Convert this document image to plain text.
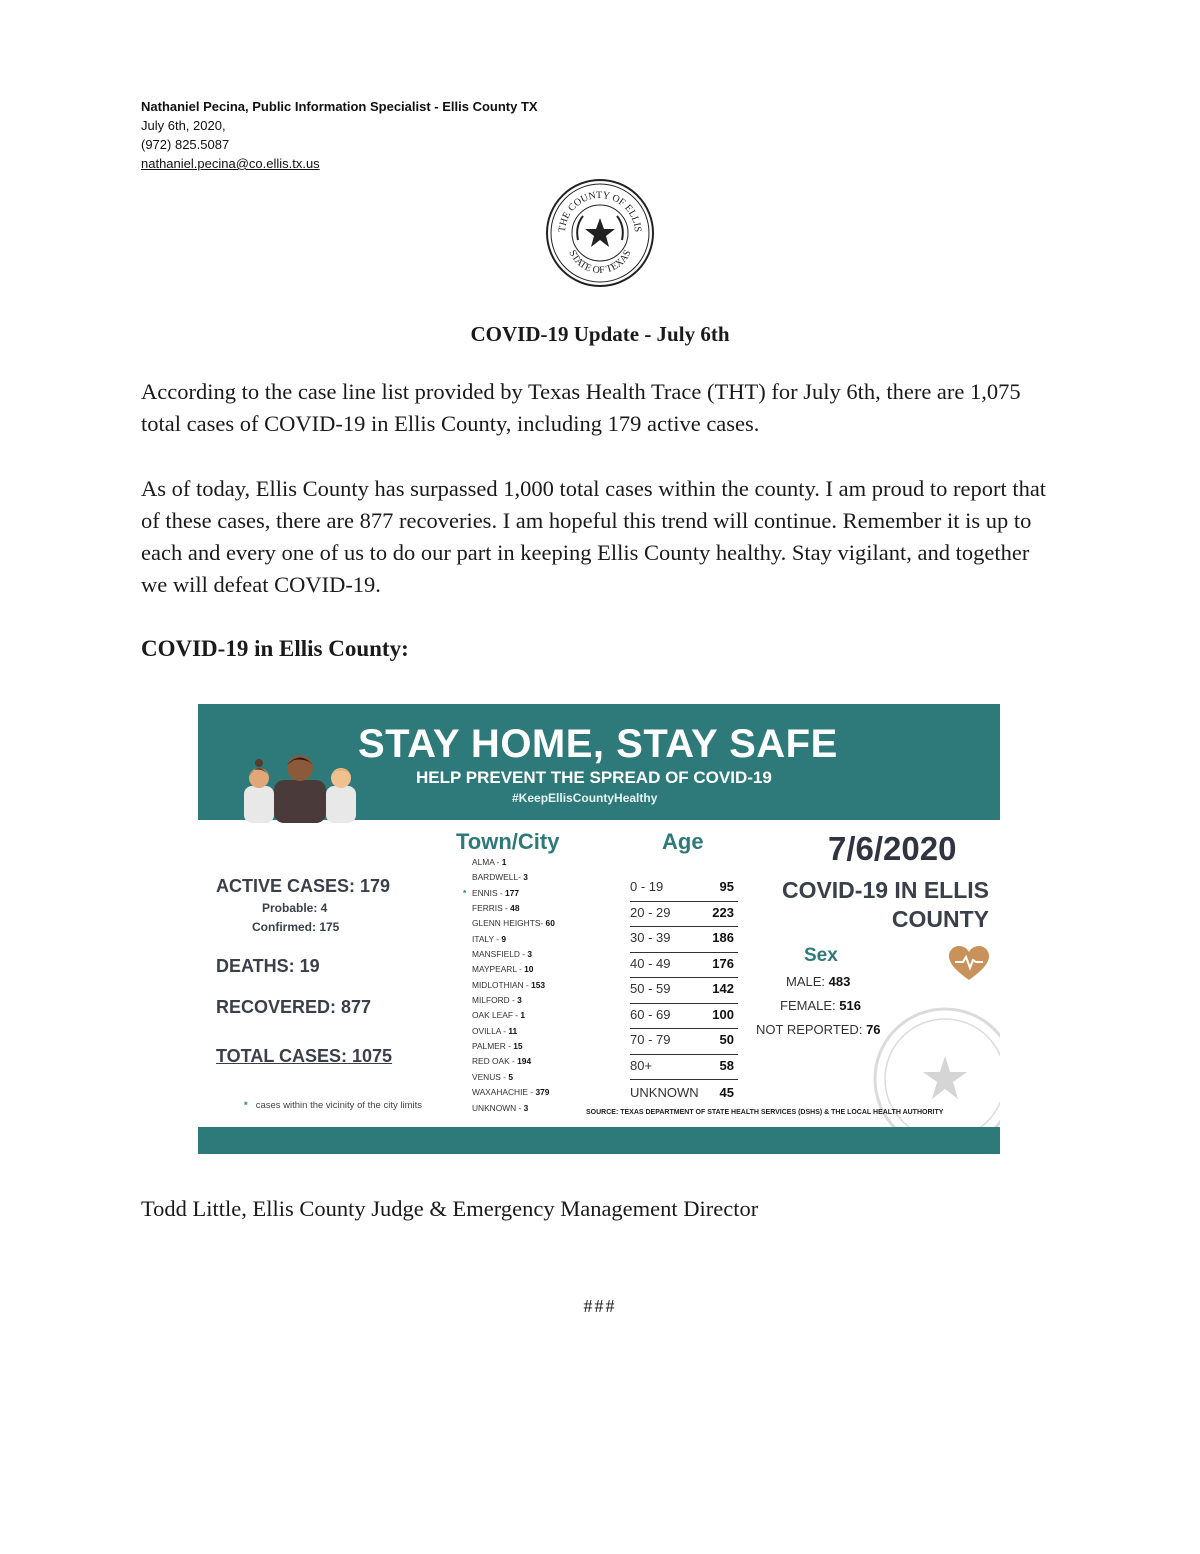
Nathaniel Pecina, Public Information Specialist - Ellis County TX
July 6th, 2020,
(972) 825.5087
nathaniel.pecina@co.ellis.tx.us
THE COUNTY OF ELLIS
STATE OF TEXAS
COVID-19 Update - July 6th
According to the case line list provided by Texas Health Trace (THT) for July 6th, there are 1,075 total cases of COVID-19 in Ellis County, including 179 active cases.
As of today, Ellis County has surpassed 1,000 total cases within the county. I am proud to report that of these cases, there are 877 recoveries. I am hopeful this trend will continue. Remember it is up to each and every one of us to do our part in keeping Ellis County healthy. Stay vigilant, and together we will defeat COVID-19.
COVID-19 in Ellis County:
STAY HOME, STAY SAFE
HELP PREVENT THE SPREAD OF COVID-19
#KeepEllisCountyHealthy
ACTIVE CASES: 179
Probable: 4
Confirmed: 175
DEATHS: 19
RECOVERED: 877
TOTAL CASES: 1075
* cases within the vicinity of the city limits
Town/City
ALMA - 1
BARDWELL- 3
* ENNIS - 177
FERRIS - 48
GLENN HEIGHTS- 60
ITALY - 9
MANSFIELD - 3
MAYPEARL - 10
MIDLOTHIAN - 153
MILFORD - 3
OAK LEAF - 1
OVILLA - 11
PALMER - 15
RED OAK - 194
VENUS - 5
WAXAHACHIE - 379
UNKNOWN - 3
Age
0 - 19	95
20 - 29	223
30 - 39	186
40 - 49	176
50 - 59	142
60 - 69	100
70 - 79	50
80+	58
UNKNOWN 45
7/6/2020
COVID-19 IN ELLIS
COUNTY
Sex
MALE: 483
FEMALE: 516
NOT REPORTED: 76
SOURCE: TEXAS DEPARTMENT OF STATE HEALTH SERVICES (DSHS) & THE LOCAL HEALTH AUTHORITY
Todd Little, Ellis County Judge & Emergency Management Director
###
